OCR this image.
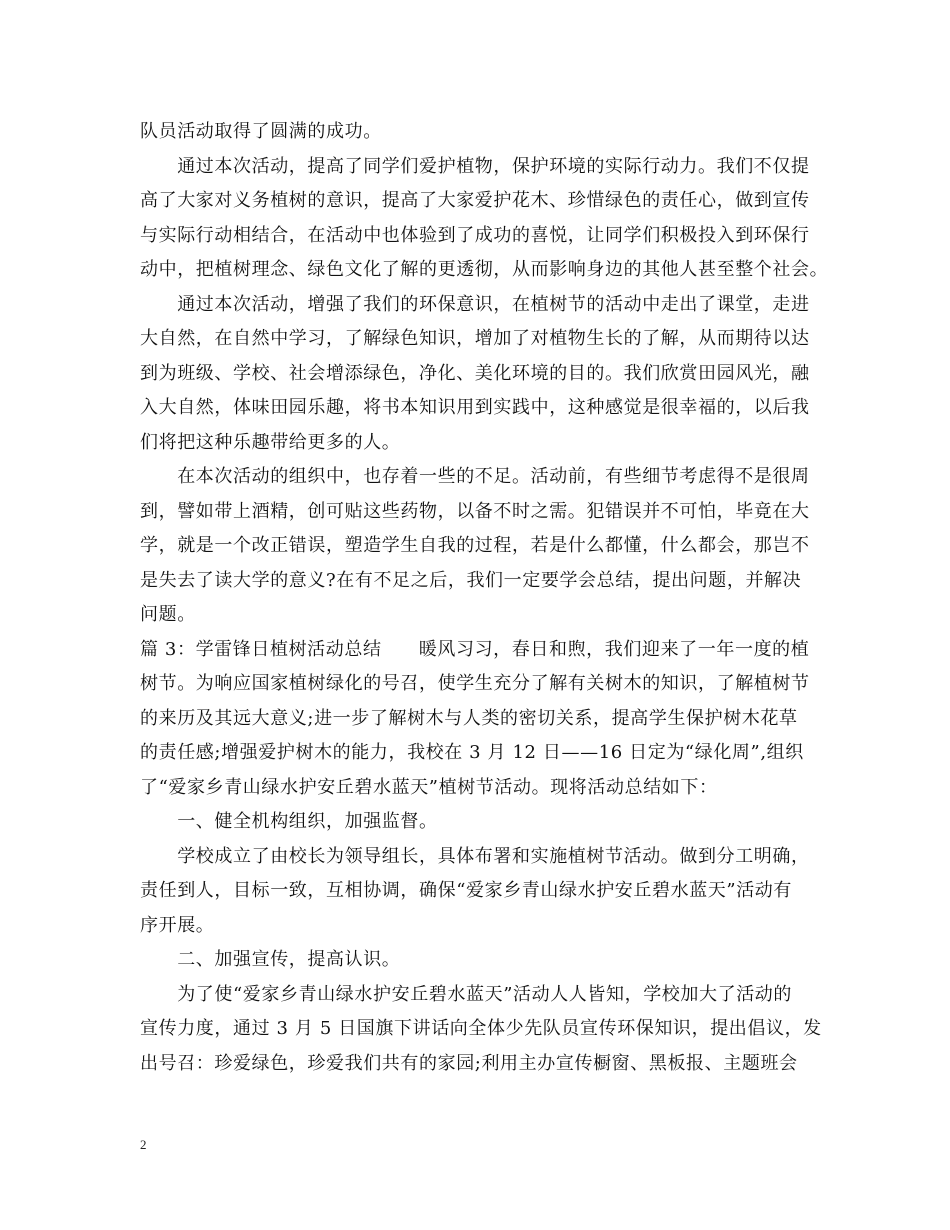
队员活动取得了圆满的成功。
　　通过本次活动，提高了同学们爱护植物，保护环境的实际行动力。我们不仅提
高了大家对义务植树的意识，提高了大家爱护花木、珍惜绿色的责任心，做到宣传
与实际行动相结合，在活动中也体验到了成功的喜悦，让同学们积极投入到环保行
动中，把植树理念、绿色文化了解的更透彻，从而影响身边的其他人甚至整个社会。
　　通过本次活动，增强了我们的环保意识，在植树节的活动中走出了课堂，走进
大自然，在自然中学习，了解绿色知识，增加了对植物生长的了解，从而期待以达
到为班级、学校、社会增添绿色，净化、美化环境的目的。我们欣赏田园风光，融
入大自然，体味田园乐趣，将书本知识用到实践中，这种感觉是很幸福的，以后我
们将把这种乐趣带给更多的人。
　　在本次活动的组织中，也存着一些的不足。活动前，有些细节考虑得不是很周
到，譬如带上酒精，创可贴这些药物，以备不时之需。犯错误并不可怕，毕竟在大
学，就是一个改正错误，塑造学生自我的过程，若是什么都懂，什么都会，那岂不
是失去了读大学的意义?在有不足之后，我们一定要学会总结，提出问题，并解决
问题。
篇 3：学雷锋日植树活动总结　　暖风习习，春日和煦，我们迎来了一年一度的植
树节。为响应国家植树绿化的号召，使学生充分了解有关树木的知识，了解植树节
的来历及其远大意义;进一步了解树木与人类的密切关系，提高学生保护树木花草
的责任感;增强爱护树木的能力，我校在 3 月 12 日——16 日定为“绿化周”,组织
了“爱家乡青山绿水护安丘碧水蓝天”植树节活动。现将活动总结如下：
　　一、健全机构组织，加强监督。
　　学校成立了由校长为领导组长，具体布署和实施植树节活动。做到分工明确，
责任到人，目标一致，互相协调，确保“爱家乡青山绿水护安丘碧水蓝天”活动有
序开展。
　　二、加强宣传，提高认识。
　　为了使“爱家乡青山绿水护安丘碧水蓝天”活动人人皆知，学校加大了活动的
宣传力度，通过 3 月 5 日国旗下讲话向全体少先队员宣传环保知识，提出倡议，发
出号召：珍爱绿色，珍爱我们共有的家园;利用主办宣传橱窗、黑板报、主题班会
2
